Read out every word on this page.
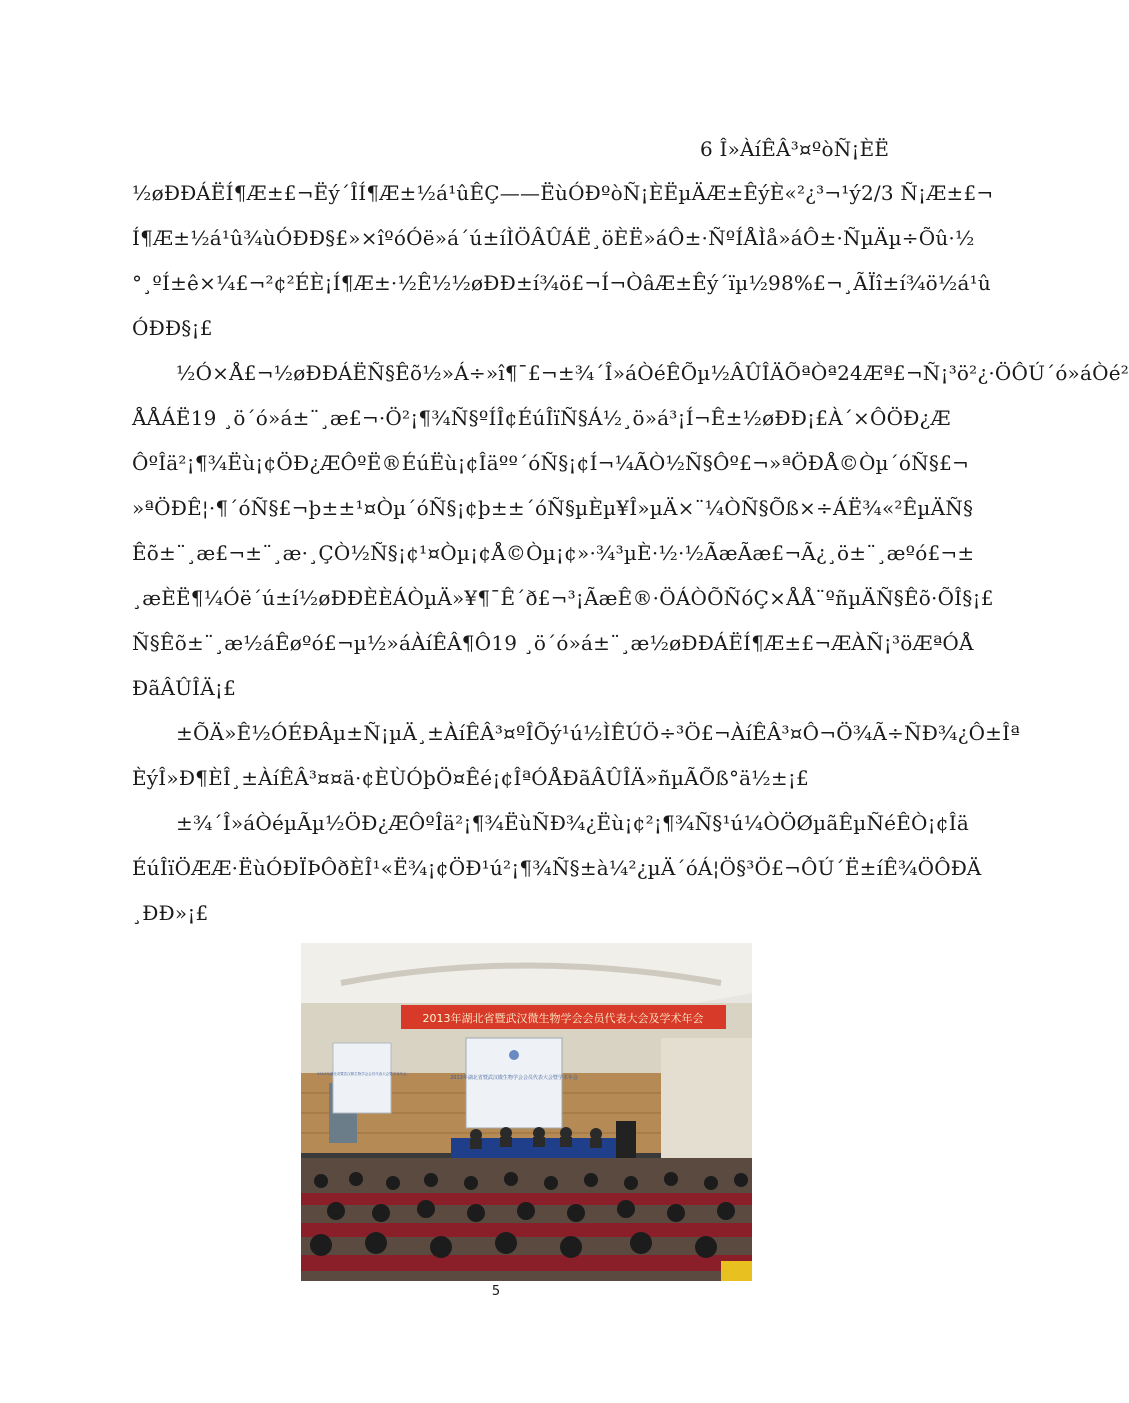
6 Î»ÀíÊÂ³¤ºòÑ¡ÈË
½øÐÐÁËÍ¶Æ±£¬Ëý´ÎÍ¶Æ±½á¹ûÊÇ——ËùÓÐºòÑ¡ÈËµÄÆ±ÊýÈ«²¿³¬¹ý2/3 Ñ¡Æ±£¬
Í¶Æ±½á¹û¾ùÓÐÐ§£»×îºóÓë»á´ú±íÌÖÂÛÁË¸öÈË»áÔ±·ÑºÍÅÌå»áÔ±·ÑµÄµ÷Õû·½
°¸ºÍ±ê×¼£¬²¢²ÉÈ¡Í¶Æ±·½Ê½½øÐÐ±í¾ö£¬Í¬ÒâÆ±Êý´ïµ½98%£¬¸ÃÏî±í¾ö½á¹û
ÓÐÐ§¡£
½Ó×Å£¬½øÐÐÁËÑ§Êõ½»Á÷»î¶¯£¬±¾´Î»áÒéÊÕµ½ÂÛÎÄÕªÒª24Æª£¬Ñ¡³ö²¿·ÖÔÚ´ó»áÒé²
ÅÅÁË19 ¸ö´ó»á±¨¸æ£¬·Ö²¡¶¾Ñ§ºÍÎ¢ÉúÎïÑ§Á½¸ö»á³¡Í¬Ê±½øÐÐ¡£À´×ÔÖÐ¿Æ
ÔºÎä²¡¶¾Ëù¡¢ÖÐ¿ÆÔºË®ÉúËù¡¢Îäºº´óÑ§¡¢Í¬¼ÃÒ½Ñ§Ôº£¬»ªÖÐÅ©Òµ´óÑ§£¬
»ªÖÐÊ¦·¶´óÑ§£¬þ±±¹¤Òµ´óÑ§¡¢þ±±´óÑ§µÈµ¥Î»µÄ×¨¼ÒÑ§Õß×÷ÁË¾«²ÊµÄÑ§
Êõ±¨¸æ£¬±¨¸æ·¸ÇÒ½Ñ§¡¢¹¤Òµ¡¢Å©Òµ¡¢»·¾³µÈ·½·½ÃæÃæ£¬Ã¿¸ö±¨¸æºó£¬±
¸æÈË¶¼Óë´ú±í½øÐÐÈÈÁÒµÄ»¥¶¯Ê´ð£¬³¡ÃæÊ®·ÖÁÒÕÑóÇ×ÅÅ¨ºñµÄÑ§Êõ·ÕÎ§¡£
Ñ§Êõ±¨¸æ½áÊøºó£¬µ½»áÀíÊÂ¶Ô19 ¸ö´ó»á±¨¸æ½øÐÐÁËÍ¶Æ±£¬ÆÀÑ¡³öÆªÓÅ
ÐãÂÛÎÄ¡£
±ÕÄ»Ê½ÓÉÐÂµ±Ñ¡µÄ¸±ÀíÊÂ³¤ºÎÕý¹ú½ÌÊÚÖ÷³Ö£¬ÀíÊÂ³¤Ô¬Ö¾Ã÷ÑÐ¾¿Ô±Îª
ÈýÎ»Ð¶ÈÎ¸±ÀíÊÂ³¤¤ä·¢ÈÙÓþÖ¤Êé¡¢ÎªÓÅÐãÂÛÎÄ»ñµÃÕß°ä½±¡£
±¾´Î»áÒéµÃµ½ÖÐ¿ÆÔºÎä²¡¶¾ËùÑÐ¾¿Ëù¡¢²¡¶¾Ñ§¹ú¼ÒÖØµãÊµÑéÊÒ¡¢Îä
ÉúÎïÖÆÆ·ËùÓÐÏÞÔðÈÎ¹«Ë¾¡¢ÖÐ¹ú²¡¶¾Ñ§±à¼²¿µÄ´óÁ¦Ö§³Ö£¬ÔÚ´Ë±íÊ¾ÖÔÐÄ
¸ÐÐ»¡£
2013年湖北省暨武汉微生物学会会员代表大会及学术年会
2013年湖北省暨武汉微生物学会会员代表大会暨学术年会
2013年湖北省暨武汉微生物学会会员代表大会暨学术年会
5
